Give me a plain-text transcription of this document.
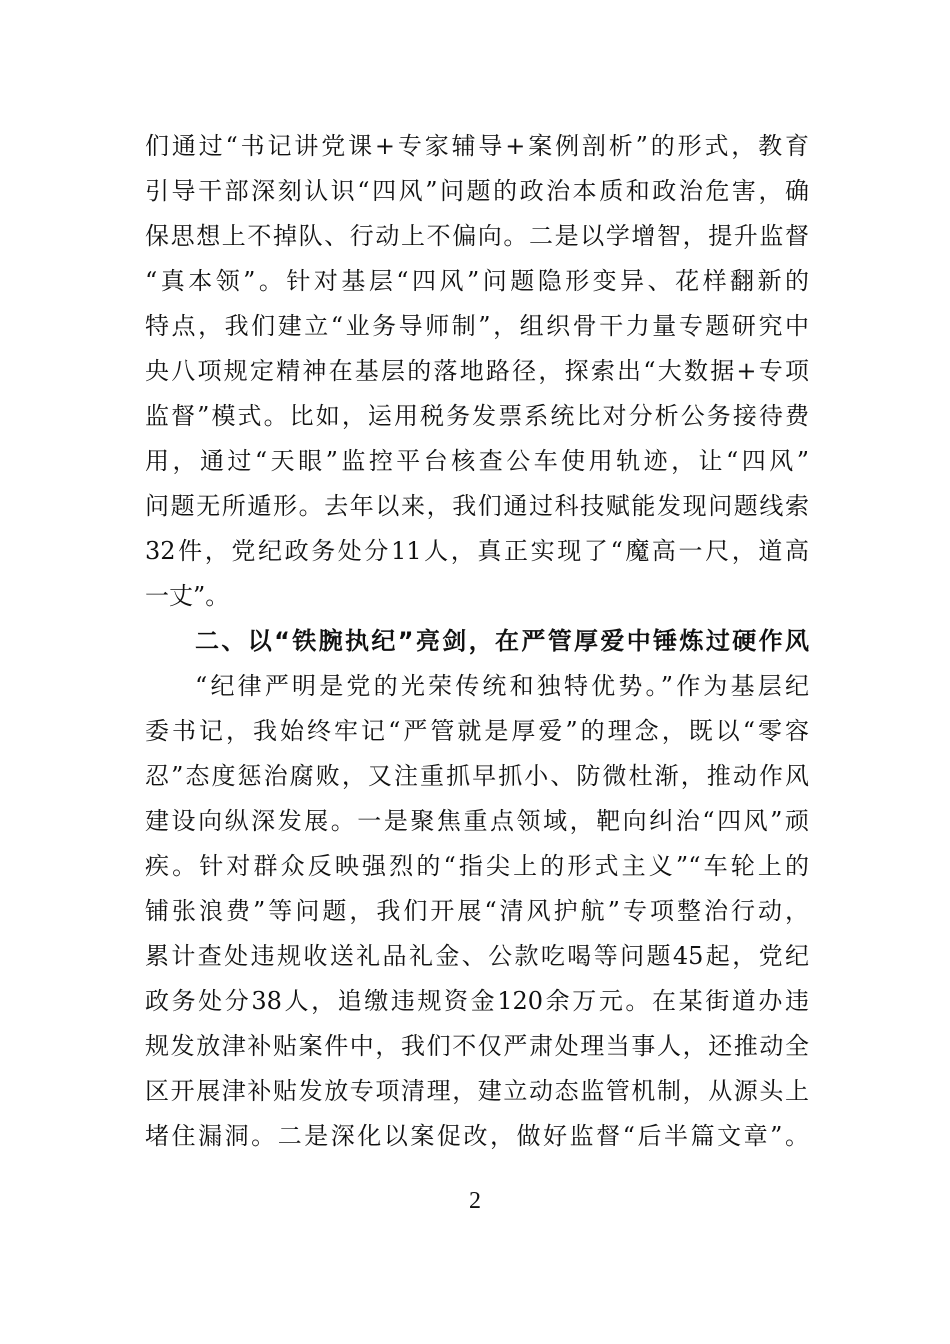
们通过“书记讲党课+专家辅导+案例剖析”的形式，教育
引导干部深刻认识“四风”问题的政治本质和政治危害，确
保思想上不掉队、行动上不偏向。二是以学增智，提升监督
“真本领”。针对基层“四风”问题隐形变异、花样翻新的
特点，我们建立“业务导师制”，组织骨干力量专题研究中
央八项规定精神在基层的落地路径，探索出“大数据+专项
监督”模式。比如，运用税务发票系统比对分析公务接待费
用，通过“天眼”监控平台核查公车使用轨迹，让“四风”
问题无所遁形。去年以来，我们通过科技赋能发现问题线索
32件，党纪政务处分11人，真正实现了“魔高一尺，道高
一丈”。
二、以“铁腕执纪”亮剑，在严管厚爱中锤炼过硬作风
“纪律严明是党的光荣传统和独特优势。”作为基层纪
委书记，我始终牢记“严管就是厚爱”的理念，既以“零容
忍”态度惩治腐败，又注重抓早抓小、防微杜渐，推动作风
建设向纵深发展。一是聚焦重点领域，靶向纠治“四风”顽
疾。针对群众反映强烈的“指尖上的形式主义”“车轮上的
铺张浪费”等问题，我们开展“清风护航”专项整治行动，
累计查处违规收送礼品礼金、公款吃喝等问题45起，党纪
政务处分38人，追缴违规资金120余万元。在某街道办违
规发放津补贴案件中，我们不仅严肃处理当事人，还推动全
区开展津补贴发放专项清理，建立动态监管机制，从源头上
堵住漏洞。二是深化以案促改，做好监督“后半篇文章”。
2
